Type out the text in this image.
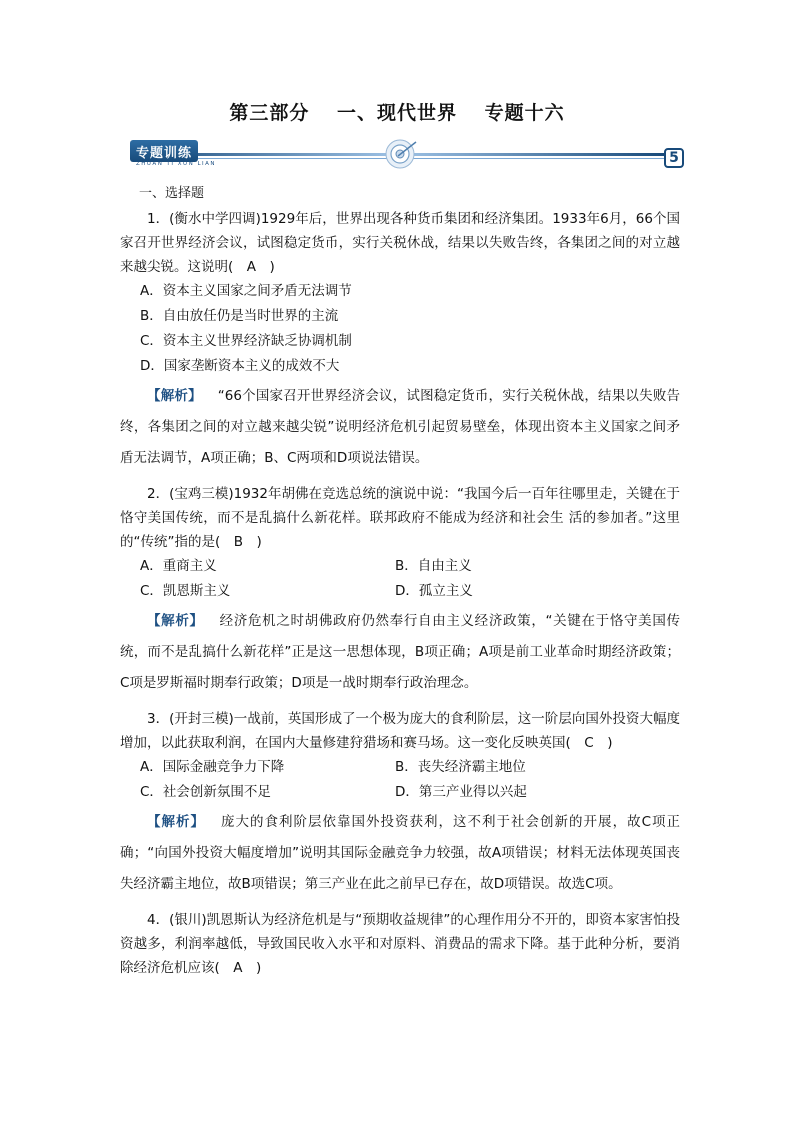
第三部分 一、现代世界 专题十六
专题训练
ZHUAN TI XUN LIAN	5
一、选择题

1．(衡水中学四调)1929年后，世界出现各种货币集团和经济集团。1933年6月，66个国家召开世界经济会议，试图稳定货币，实行关税休战，结果以失败告终，各集团之间的对立越来越尖锐。这说明(　A　)

A．资本主义国家之间矛盾无法调节
B．自由放任仍是当时世界的主流
C．资本主义世界经济缺乏协调机制
D．国家垄断资本主义的成效不大

【解析】 “66个国家召开世界经济会议，试图稳定货币，实行关税休战，结果以失败告终，各集团之间的对立越来越尖锐”说明经济危机引起贸易壁垒，体现出资本主义国家之间矛盾无法调节，A项正确；B、C两项和D项说法错误。

2．(宝鸡三模)1932年胡佛在竞选总统的演说中说：“我国今后一百年往哪里走，关键在于恪守美国传统，而不是乱搞什么新花样。联邦政府不能成为经济和社会生 活的参加者。”这里的“传统”指的是(　B　)

A．重商主义	B．自由主义
C．凯恩斯主义	D．孤立主义

【解析】 经济危机之时胡佛政府仍然奉行自由主义经济政策，“关键在于恪守美国传统，而不是乱搞什么新花样”正是这一思想体现，B项正确；A项是前工业革命时期经济政策；C项是罗斯福时期奉行政策；D项是一战时期奉行政治理念。

3．(开封三模)一战前，英国形成了一个极为庞大的食利阶层，这一阶层向国外投资大幅度增加，以此获取利润，在国内大量修建狩猎场和赛马场。这一变化反映英国(　C　)

A．国际金融竞争力下降	B．丧失经济霸主地位
C．社会创新氛围不足	D．第三产业得以兴起

【解析】 庞大的食利阶层依靠国外投资获利，这不利于社会创新的开展，故C项正确；“向国外投资大幅度增加”说明其国际金融竞争力较强，故A项错误；材料无法体现英国丧失经济霸主地位，故B项错误；第三产业在此之前早已存在，故D项错误。故选C项。

4．(银川)凯恩斯认为经济危机是与“预期收益规律”的心理作用分不开的，即资本家害怕投资越多，利润率越低，导致国民收入水平和对原料、消费品的需求下降。基于此种分析，要消除经济危机应该(　A　)
